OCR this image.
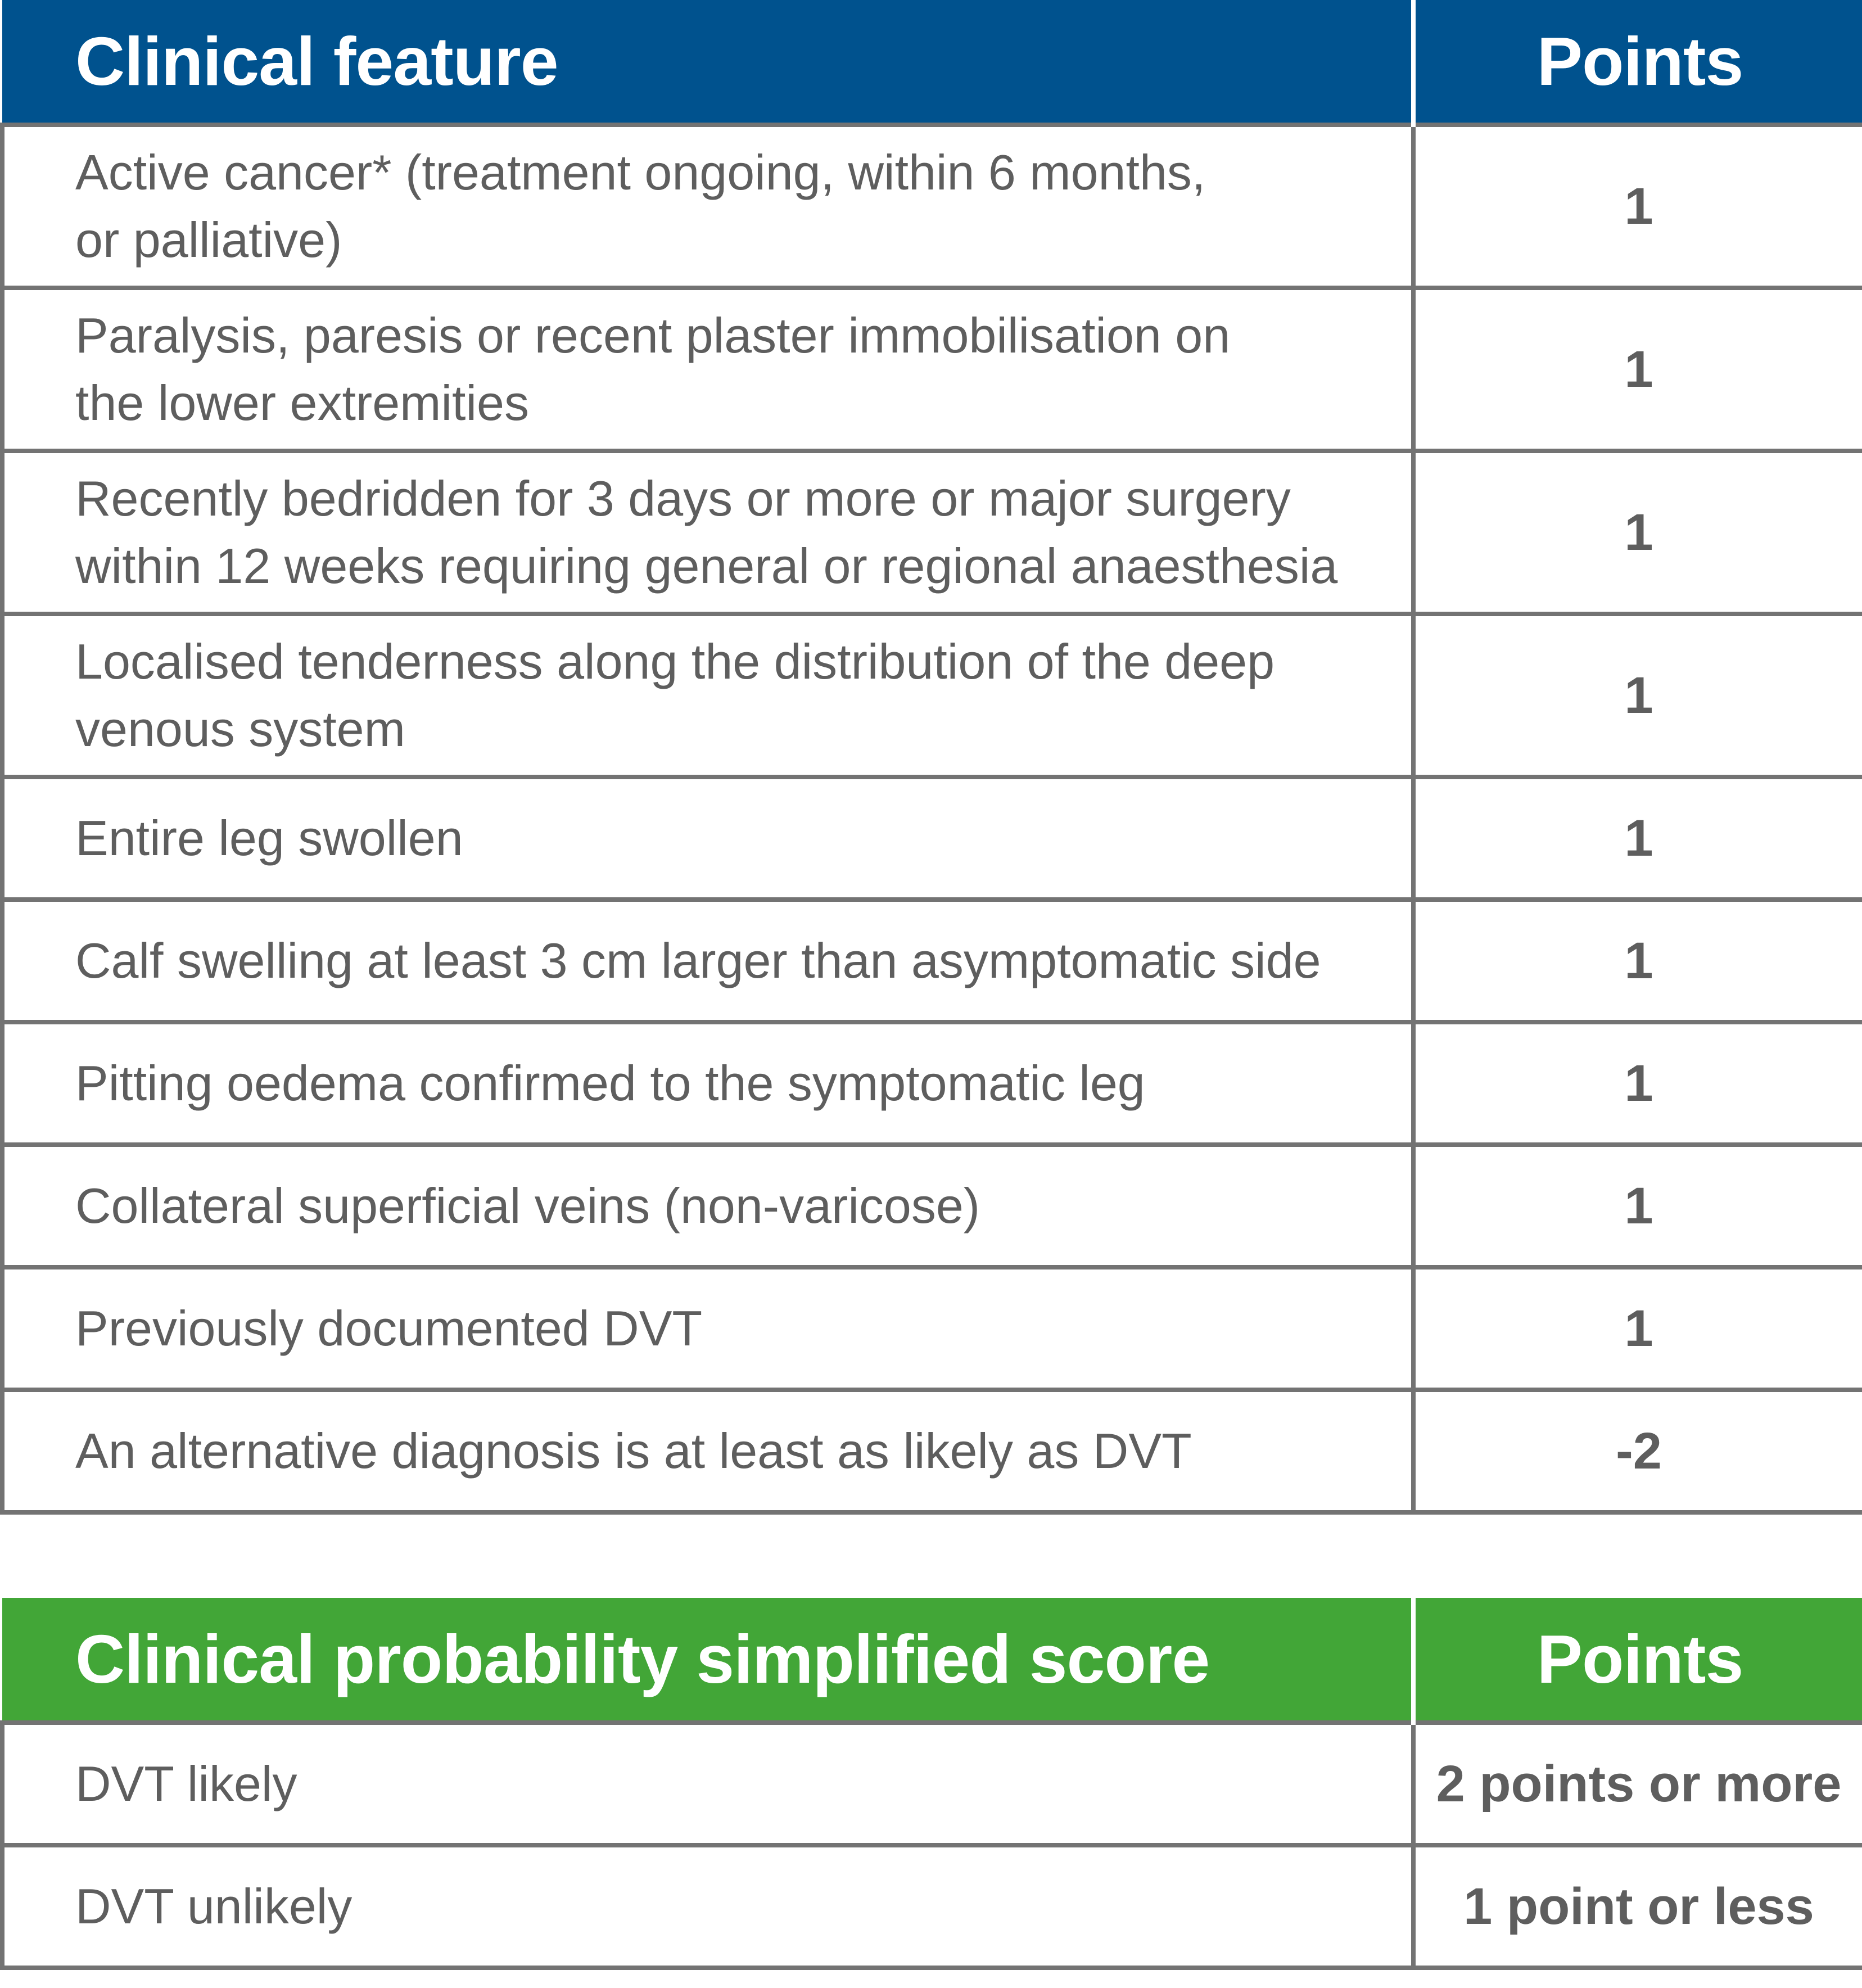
Clinical feature	Points
Active cancer* (treatment ongoing, within 6 months,
or palliative)	1
Paralysis, paresis or recent plaster immobilisation on
the lower extremities	1
Recently bedridden for 3 days or more or major surgery
within 12 weeks requiring general or regional anaesthesia	1
Localised tenderness along the distribution of the deep
venous system	1
Entire leg swollen	1
Calf swelling at least 3 cm larger than asymptomatic side	1
Pitting oedema confirmed to the symptomatic leg	1
Collateral superficial veins (non-varicose)	1
Previously documented DVT	1
An alternative diagnosis is at least as likely as DVT	-2
Clinical probability simplified score	Points
DVT likely	2 points or more
DVT unlikely	1 point or less
